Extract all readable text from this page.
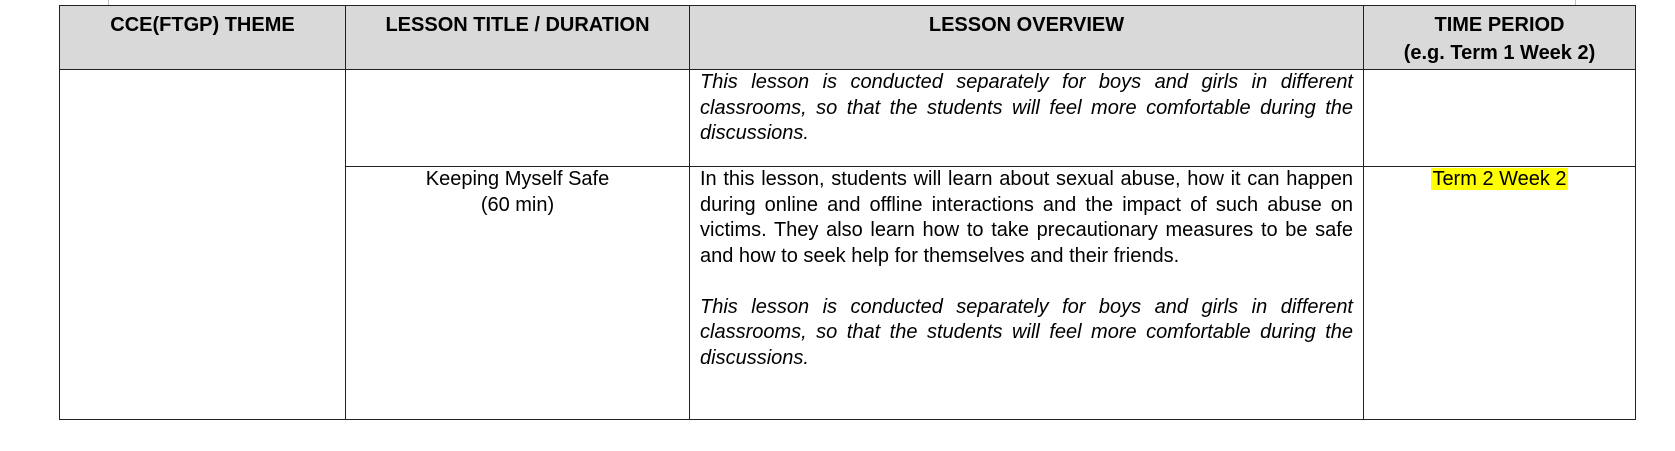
CCE(FTGP) THEME	LESSON TITLE / DURATION	LESSON OVERVIEW	TIME PERIOD
(e.g. Term 1 Week 2)

		This lesson is conducted separately for boys and girls in different classrooms, so that the students will feel more comfortable during the discussions.	

	Keeping Myself Safe
(60 min)	In this lesson, students will learn about sexual abuse, how it can happen during online and offline interactions and the impact of such abuse on victims. They also learn how to take precautionary measures to be safe and how to seek help for themselves and their friends.
This lesson is conducted separately for boys and girls in different classrooms, so that the students will feel more comfortable during the discussions.	Term 2 Week 2
